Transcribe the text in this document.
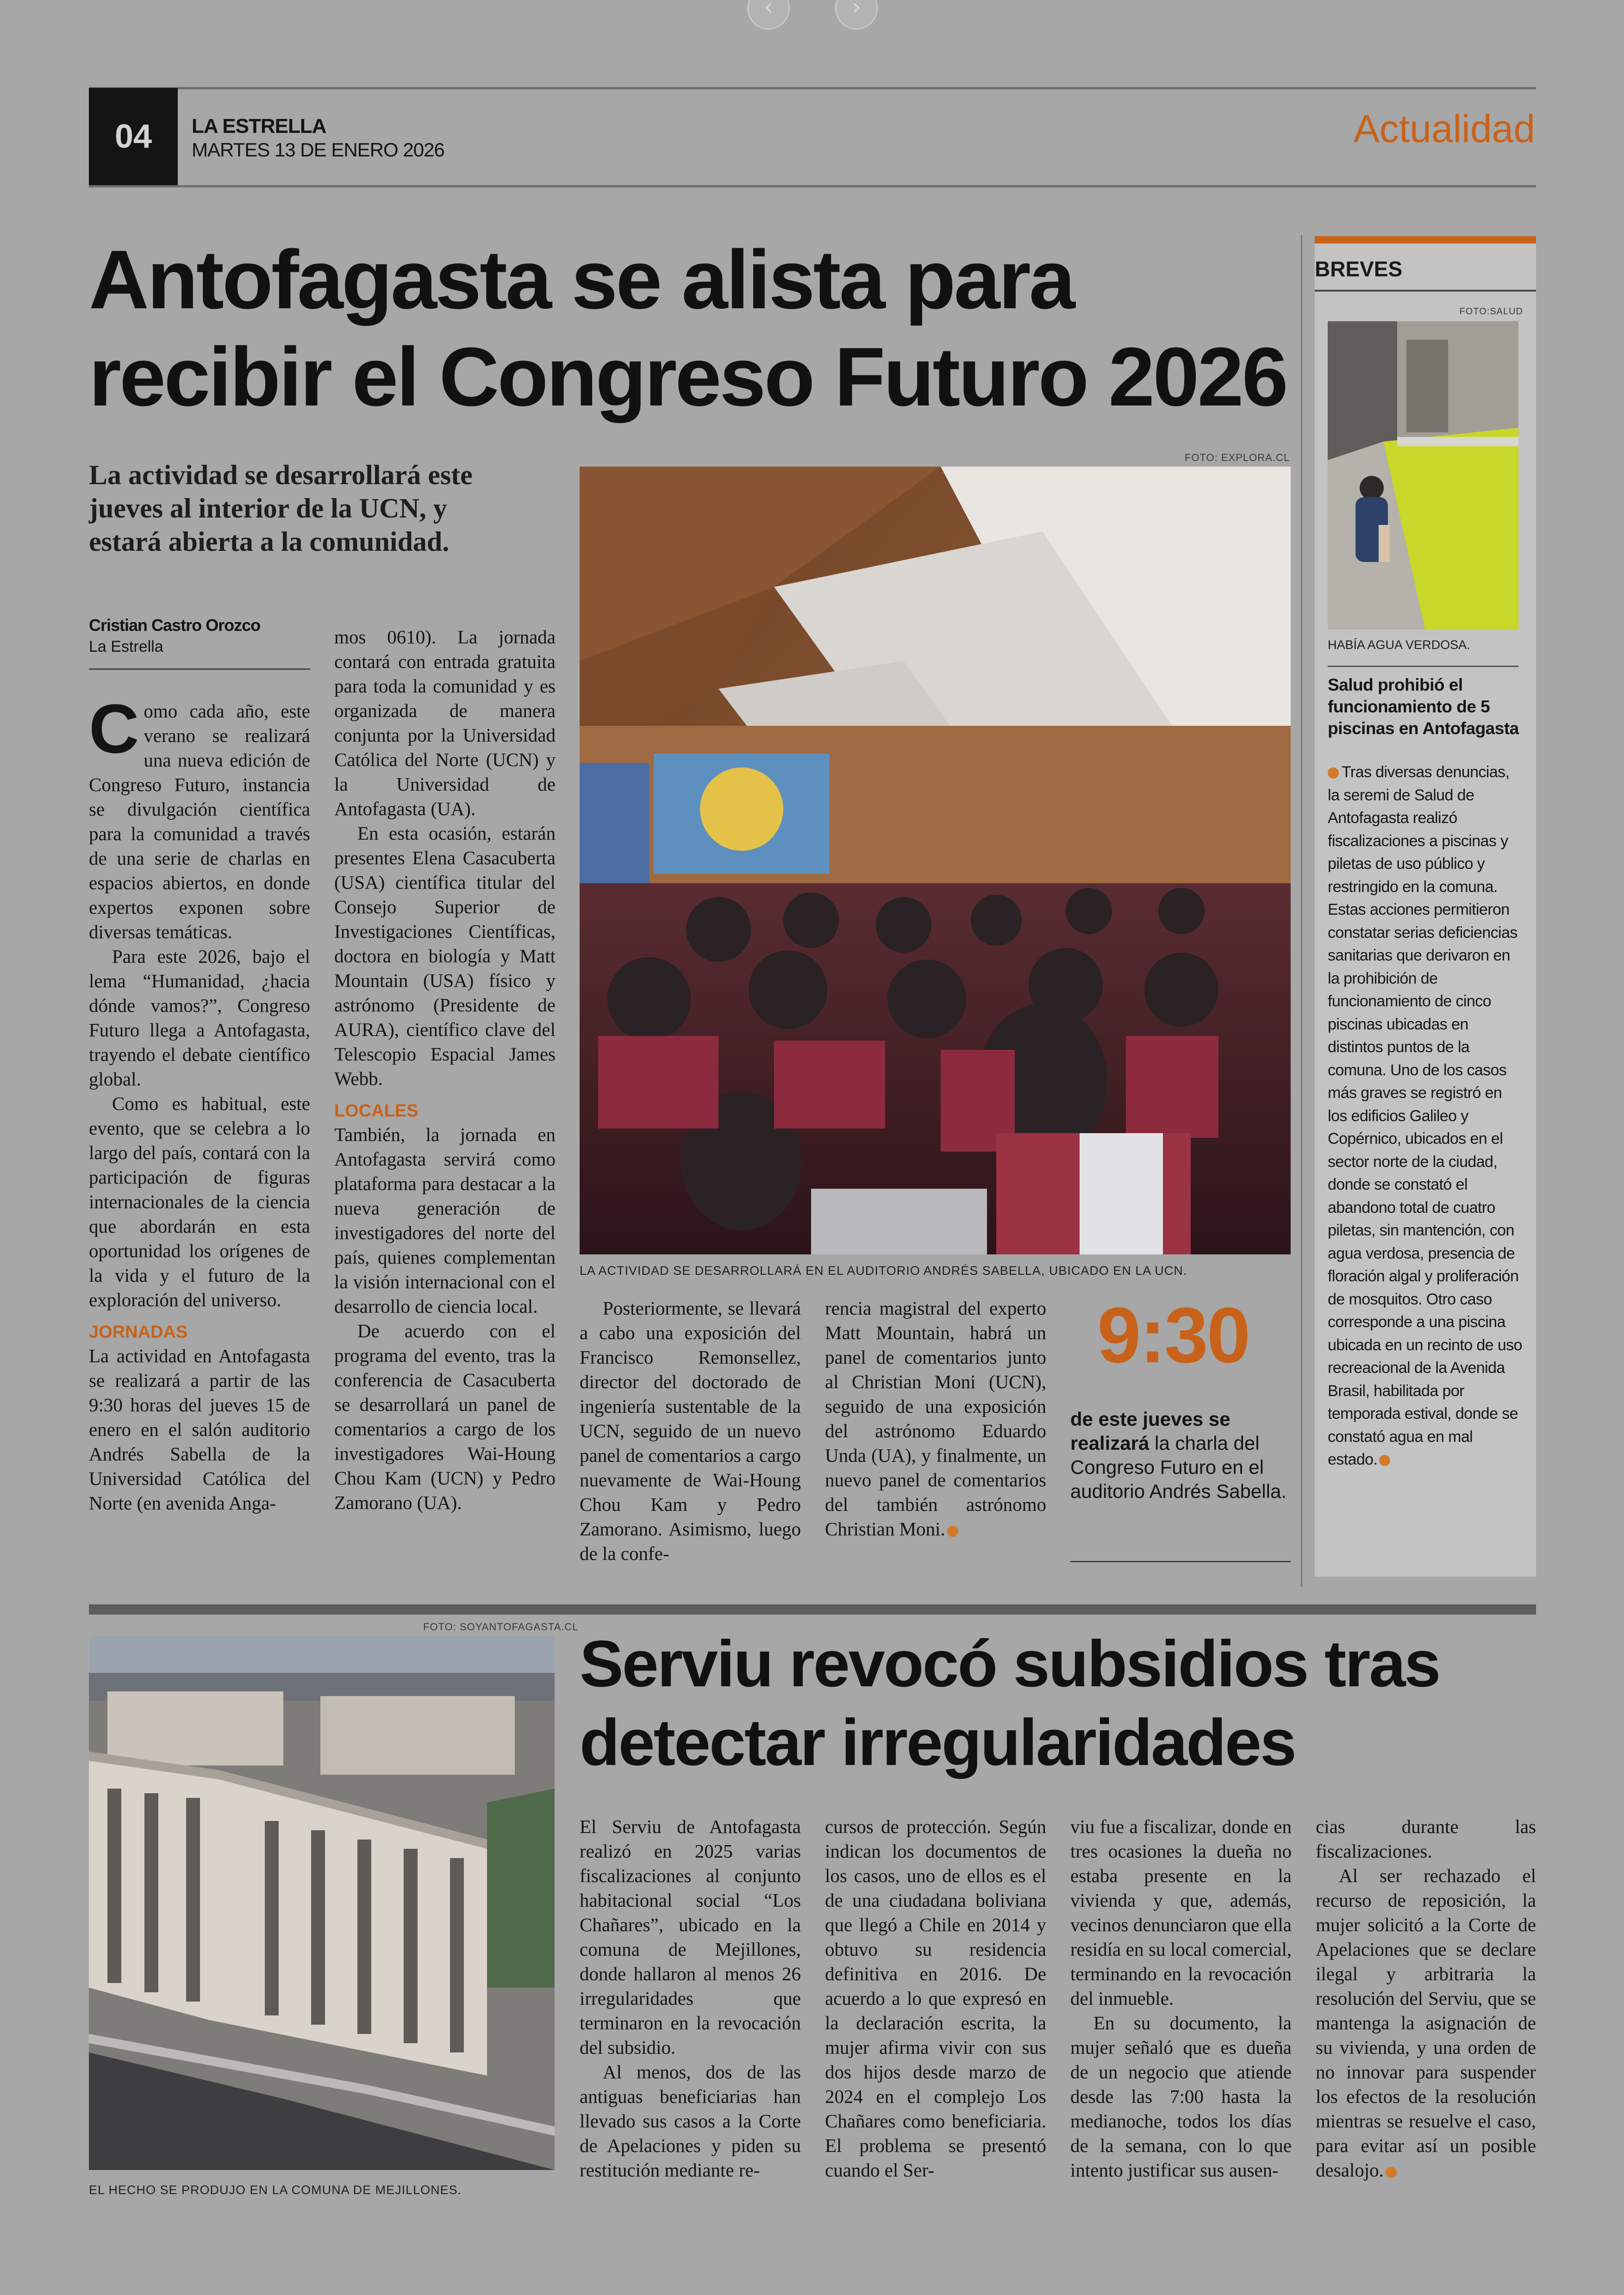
‹	›
04	LA ESTRELLA
MARTES 13 DE ENERO 2026	Actualidad
Antofagasta se alista para
recibir el Congreso Futuro 2026
La actividad se desarrollará este jueves al interior de la UCN, y estará abierta a la comunidad.
Cristian Castro Orozco
La Estrella
FOTO: EXPLORA.CL
LA ACTIVIDAD SE DESARROLLARÁ EN EL AUDITORIO ANDRÉS SABELLA, UBICADO EN LA UCN.

C omo cada año, este verano se realizará una nueva edición de Congreso Futuro, instancia se divulgación científica para la comunidad a través de una serie de charlas en espacios abiertos, en donde expertos exponen sobre diversas temáticas.

Para este 2026, bajo el lema “Humanidad, ¿hacia dónde vamos?”, Congreso Futuro llega a Antofagasta, trayendo el debate científico global.

Como es habitual, este evento, que se celebra a lo largo del país, contará con la participación de figuras internacionales de la ciencia que abordarán en esta oportunidad los orígenes de la vida y el futuro de la exploración del universo.

JORNADAS

La actividad en Antofagasta se realizará a partir de las 9:30 horas del jueves 15 de enero en el salón auditorio Andrés Sabella de la Universidad Católica del Norte (en avenida Anga-

mos 0610). La jornada contará con entrada gratuita para toda la comunidad y es organizada de manera conjunta por la Universidad Católica del Norte (UCN) y la Universidad de Antofagasta (UA).

En esta ocasión, estarán presentes Elena Casacuberta (USA) científica titular del Consejo Superior de Investigaciones Científicas, doctora en biología y Matt Mountain (USA) físico y astrónomo (Presidente de AURA), científico clave del Telescopio Espacial James Webb.

LOCALES

También, la jornada en Antofagasta servirá como plataforma para destacar a la nueva generación de investigadores del norte del país, quienes complementan la visión internacional con el desarrollo de ciencia local.

De acuerdo con el programa del evento, tras la conferencia de Casacuberta se desarrollará un panel de comentarios a cargo de los investigadores Wai-Houng Chou Kam (UCN) y Pedro Zamorano (UA).

Posteriormente, se llevará a cabo una exposición del Francisco Remonsellez, director del doctorado de ingeniería sustentable de la UCN, seguido de un nuevo panel de comentarios a cargo nuevamente de Wai-Houng Chou Kam y Pedro Zamorano. Asimismo, luego de la confe-

rencia magistral del experto Matt Mountain, habrá un panel de comentarios junto al Christian Moni (UCN), seguido de una exposición del astrónomo Eduardo Unda (UA), y finalmente, un nuevo panel de comentarios del también astrónomo Christian Moni.

9:30
de este jueves se realizará la charla del Congreso Futuro en el auditorio Andrés Sabella.
BREVES
FOTO:SALUD
HABÍA AGUA VERDOSA.
Salud prohibió el funcionamiento de 5 piscinas en Antofagasta
Tras diversas denuncias, la seremi de Salud de Antofagasta realizó fiscalizaciones a piscinas y piletas de uso público y restringido en la comuna. Estas acciones permitieron constatar serias deficiencias sanitarias que derivaron en la prohibición de funcionamiento de cinco piscinas ubicadas en distintos puntos de la comuna. Uno de los casos más graves se registró en los edificios Galileo y Copérnico, ubicados en el sector norte de la ciudad, donde se constató el abandono total de cuatro piletas, sin mantención, con agua verdosa, presencia de floración algal y proliferación de mosquitos. Otro caso corresponde a una piscina ubicada en un recinto de uso recreacional de la Avenida Brasil, habilitada por temporada estival, donde se constató agua en mal estado.
FOTO: SOYANTOFAGASTA.CL
EL HECHO SE PRODUJO EN LA COMUNA DE MEJILLONES.
Serviu revocó subsidios tras
detectar irregularidades

El Serviu de Antofagasta realizó en 2025 varias fiscalizaciones al conjunto habitacional social “Los Chañares”, ubicado en la comuna de Mejillones, donde hallaron al menos 26 irregularidades que terminaron en la revocación del subsidio.

Al menos, dos de las antiguas beneficiarias han llevado sus casos a la Corte de Apelaciones y piden su restitución mediante re-

cursos de protección. Según indican los documentos de los casos, uno de ellos es el de una ciudadana boliviana que llegó a Chile en 2014 y obtuvo su residencia definitiva en 2016. De acuerdo a lo que expresó en la declaración escrita, la mujer afirma vivir con sus dos hijos desde marzo de 2024 en el complejo Los Chañares como beneficiaria. El problema se presentó cuando el Ser-

viu fue a fiscalizar, donde en tres ocasiones la dueña no estaba presente en la vivienda y que, además, vecinos denunciaron que ella residía en su local comercial, terminando en la revocación del inmueble.

En su documento, la mujer señaló que es dueña de un negocio que atiende desde las 7:00 hasta la medianoche, todos los días de la semana, con lo que intento justificar sus ausen-

cias durante las fiscalizaciones.

Al ser rechazado el recurso de reposición, la mujer solicitó a la Corte de Apelaciones que se declare ilegal y arbitraria la resolución del Serviu, que se mantenga la asignación de su vivienda, y una orden de no innovar para suspender los efectos de la resolución mientras se resuelve el caso, para evitar así un posible desalojo.
